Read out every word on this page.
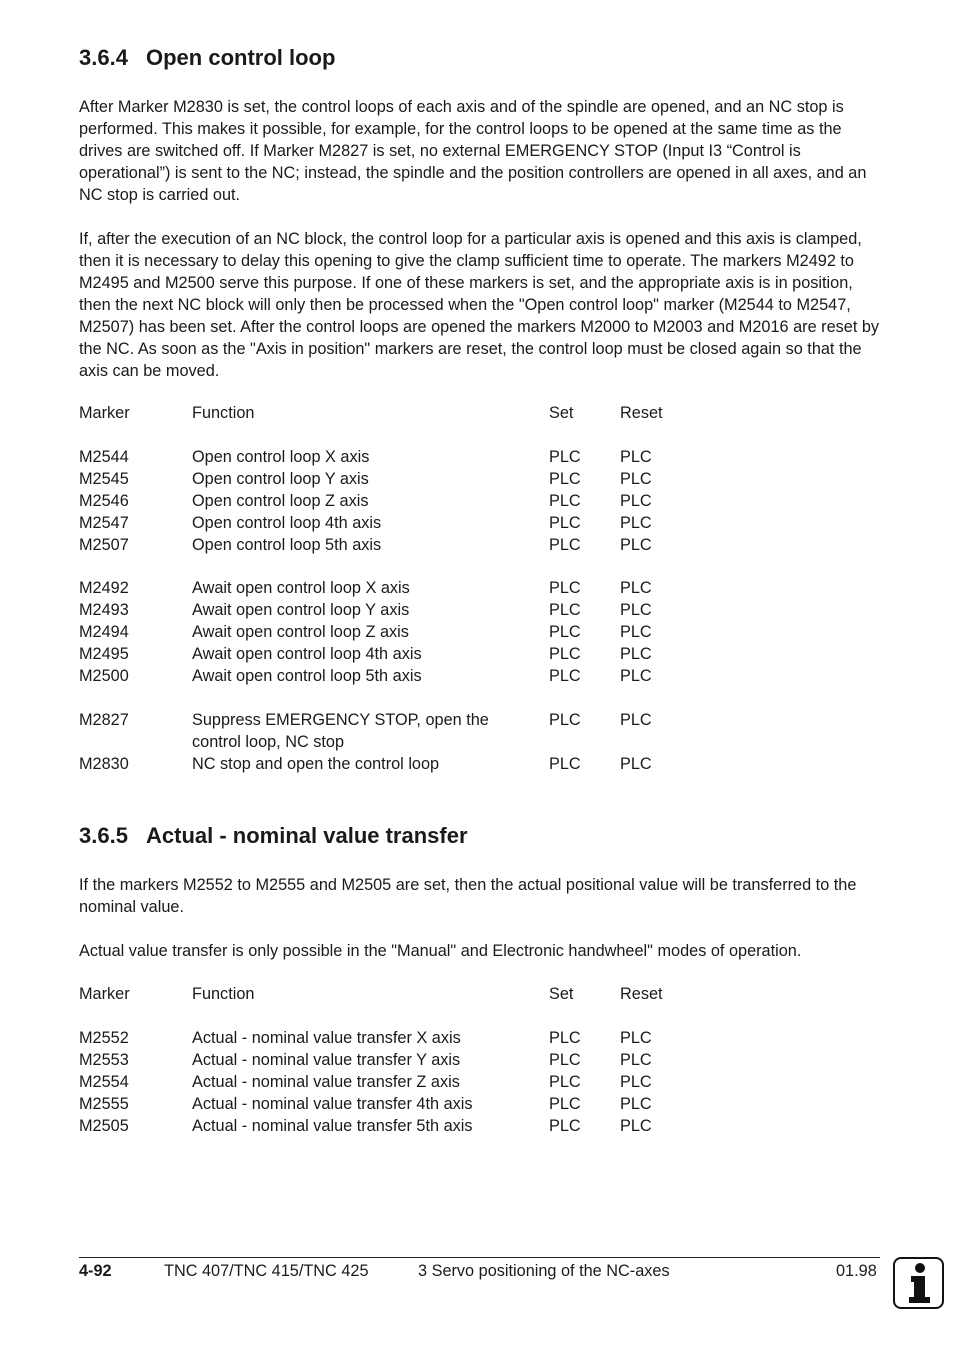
3.6.4 Open control loop
After Marker M2830 is set, the control loops of each axis and of the spindle are opened, and an NC stop is performed. This makes it possible, for example, for the control loops to be opened at the same time as the drives are switched off. If Marker M2827 is set, no external EMERGENCY STOP (Input I3 “Control is operational”) is sent to the NC; instead, the spindle and the position controllers are opened in all axes, and an NC stop is carried out.
If, after the execution of an NC block, the control loop for a particular axis is opened and this axis is clamped, then it is necessary to delay this opening to give the clamp sufficient time to operate. The markers M2492 to M2495 and M2500 serve this purpose. If one of these markers is set, and the appropriate axis is in position, then the next NC block will only then be processed when the "Open control loop" marker (M2544 to M2547, M2507) has been set. After the control loops are opened the markers M2000 to M2003 and M2016 are reset by the NC. As soon as the "Axis in position" markers are reset, the control loop must be closed again so that the axis can be moved.
Marker	Function	Set	Reset
M2544	Open control loop X axis	PLC	PLC
M2545	Open control loop Y axis	PLC	PLC
M2546	Open control loop Z axis	PLC	PLC
M2547	Open control loop 4th axis	PLC	PLC
M2507	Open control loop 5th axis	PLC	PLC
M2492	Await open control loop X axis	PLC	PLC
M2493	Await open control loop Y axis	PLC	PLC
M2494	Await open control loop Z axis	PLC	PLC
M2495	Await open control loop 4th axis	PLC	PLC
M2500	Await open control loop 5th axis	PLC	PLC
M2827	Suppress EMERGENCY STOP, open the	PLC	PLC
control loop, NC stop
M2830	NC stop and open the control loop	PLC	PLC
3.6.5 Actual - nominal value transfer
If the markers M2552 to M2555 and M2505 are set, then the actual positional value will be transferred to the nominal value.
Actual value transfer is only possible in the "Manual" and Electronic handwheel" modes of operation.
Marker	Function	Set	Reset
M2552	Actual - nominal value transfer X axis	PLC	PLC
M2553	Actual - nominal value transfer Y axis	PLC	PLC
M2554	Actual - nominal value transfer Z axis	PLC	PLC
M2555	Actual - nominal value transfer 4th axis	PLC	PLC
M2505	Actual - nominal value transfer 5th axis	PLC	PLC
4-92	TNC 407/TNC 415/TNC 425	3 Servo positioning of the NC-axes	01.98
